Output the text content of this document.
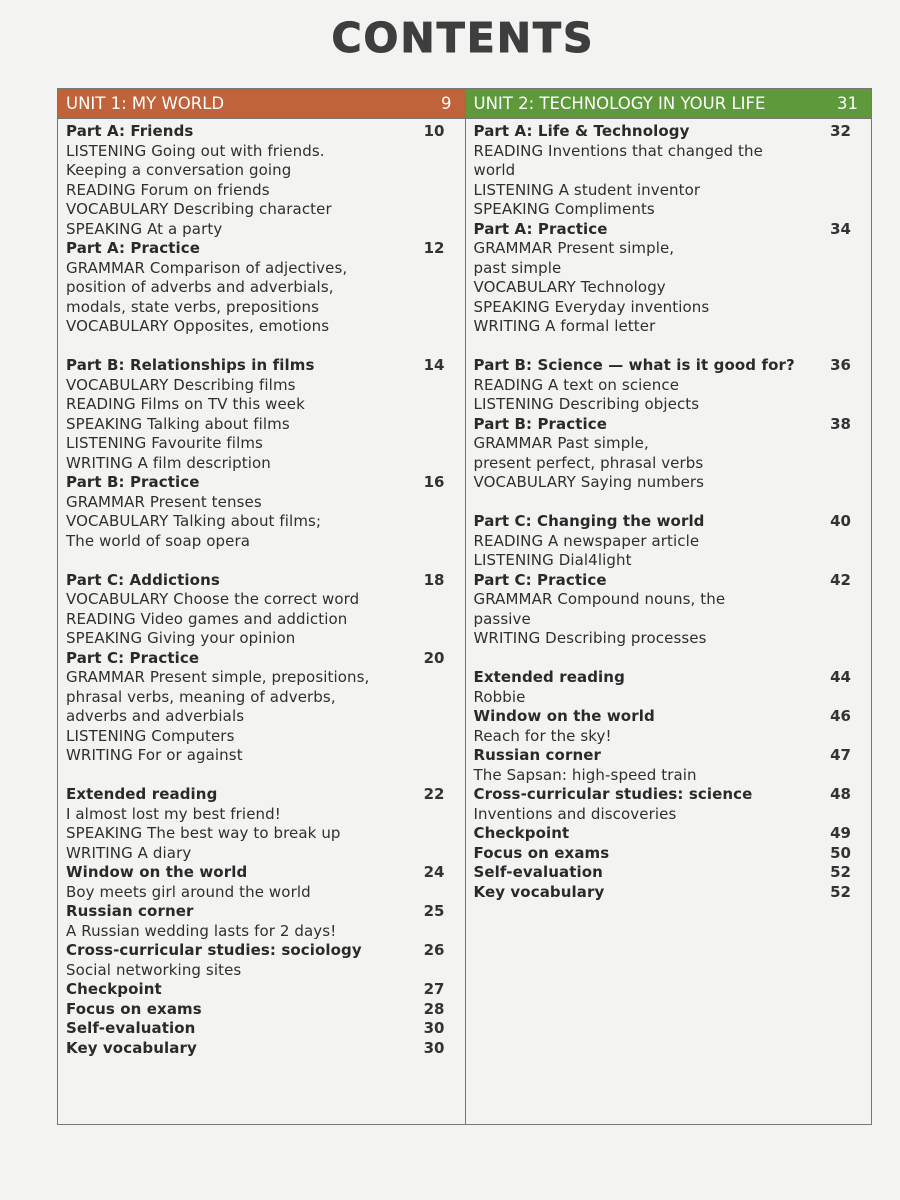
CONTENTS
UNIT 1: MY WORLD	9
Part A: Friends	10
LISTENING Going out with friends.
Keeping a conversation going
READING Forum on friends
VOCABULARY Describing character
SPEAKING At a party
Part A: Practice	12
GRAMMAR Comparison of adjectives,
position of adverbs and adverbials,
modals, state verbs, prepositions
VOCABULARY Opposites, emotions
Part B: Relationships in films	14
VOCABULARY Describing films
READING Films on TV this week
SPEAKING Talking about films
LISTENING Favourite films
WRITING A film description
Part B: Practice	16
GRAMMAR Present tenses
VOCABULARY Talking about films;
The world of soap opera
Part C: Addictions	18
VOCABULARY Choose the correct word
READING Video games and addiction
SPEAKING Giving your opinion
Part C: Practice	20
GRAMMAR Present simple, prepositions,
phrasal verbs, meaning of adverbs,
adverbs and adverbials
LISTENING Computers
WRITING For or against
Extended reading	22
I almost lost my best friend!
SPEAKING The best way to break up
WRITING A diary
Window on the world	24
Boy meets girl around the world
Russian corner	25
A Russian wedding lasts for 2 days!
Cross-curricular studies: sociology	26
Social networking sites
Checkpoint	27
Focus on exams	28
Self-evaluation	30
Key vocabulary	30
UNIT 2: TECHNOLOGY IN YOUR LIFE	31
Part A: Life & Technology	32
READING Inventions that changed the
world
LISTENING A student inventor
SPEAKING Compliments
Part A: Practice	34
GRAMMAR Present simple,
past simple
VOCABULARY Technology
SPEAKING Everyday inventions
WRITING A formal letter
Part B: Science — what is it good for?	36
READING A text on science
LISTENING Describing objects
Part B: Practice	38
GRAMMAR Past simple,
present perfect, phrasal verbs
VOCABULARY Saying numbers
Part C: Changing the world	40
READING A newspaper article
LISTENING Dial4light
Part C: Practice	42
GRAMMAR Compound nouns, the
passive
WRITING Describing processes
Extended reading	44
Robbie
Window on the world	46
Reach for the sky!
Russian corner	47
The Sapsan: high-speed train
Cross-curricular studies: science	48
Inventions and discoveries
Checkpoint	49
Focus on exams	50
Self-evaluation	52
Key vocabulary	52
